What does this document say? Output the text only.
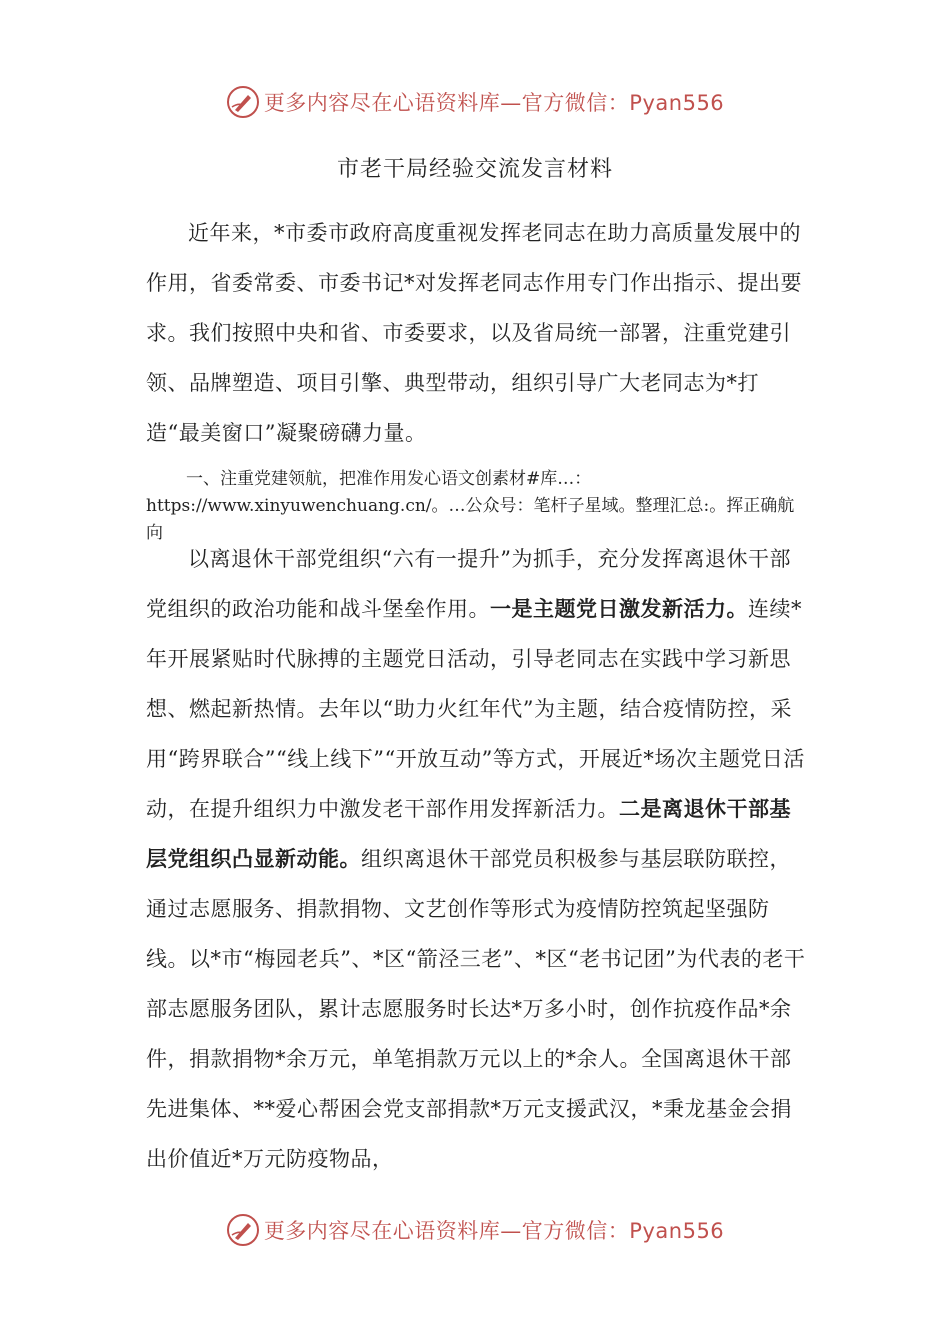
更多内容尽在心语资料库—官方微信：Pyan556
市老干局经验交流发言材料

近年来，*市委市政府高度重视发挥老同志在助力高质量发展中的作用，省委常委、市委书记*对发挥老同志作用专门作出指示、提出要求。我们按照中央和省、市委要求，以及省局统一部署，注重党建引领、品牌塑造、项目引擎、典型带动，组织引导广大老同志为*打造“最美窗口”凝聚磅礴力量。

一、注重党建领航，把准作用发心语文创素材#库…：https://www.xinyuwenchuang.cn/。…公众号：笔杆子星域。整理汇总:。挥正确航向

以离退休干部党组织“六有一提升”为抓手，充分发挥离退休干部党组织的政治功能和战斗堡垒作用。一是主题党日激发新活力。连续*年开展紧贴时代脉搏的主题党日活动，引导老同志在实践中学习新思想、燃起新热情。去年以“助力火红年代”为主题，结合疫情防控，采用“跨界联合”“线上线下”“开放互动”等方式，开展近*场次主题党日活动，在提升组织力中激发老干部作用发挥新活力。二是离退休干部基层党组织凸显新动能。组织离退休干部党员积极参与基层联防联控，通过志愿服务、捐款捐物、文艺创作等形式为疫情防控筑起坚强防线。以*市“梅园老兵”、*区“箭泾三老”、*区“老书记团”为代表的老干部志愿服务团队，累计志愿服务时长达*万多小时，创作抗疫作品*余件，捐款捐物*余万元，单笔捐款万元以上的*余人。全国离退休干部先进集体、**爱心帮困会党支部捐款*万元支援武汉，*秉龙基金会捐出价值近*万元防疫物品，

更多内容尽在心语资料库—官方微信：Pyan556
